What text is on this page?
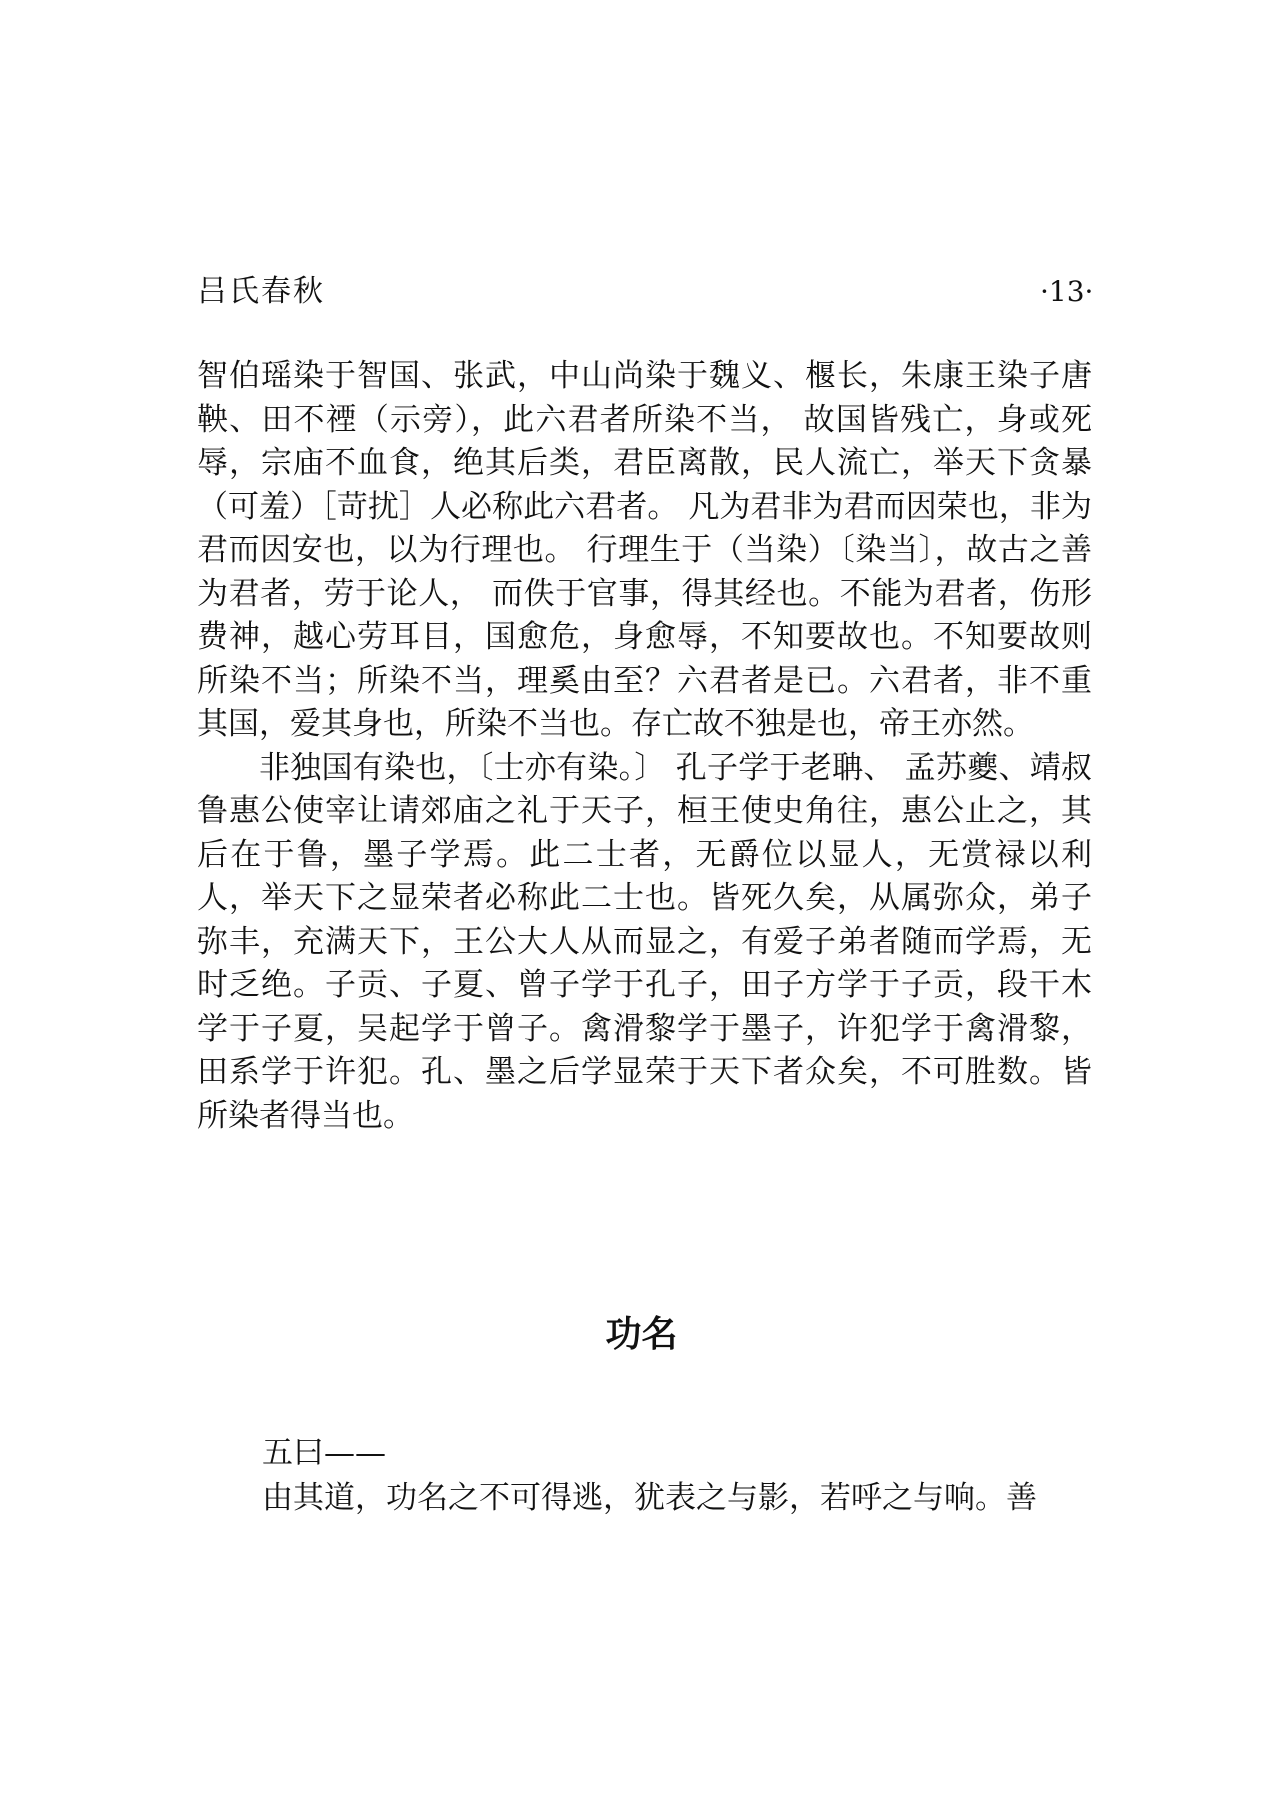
吕氏春秋	·13·

智伯瑶染于智国、张武，中山尚染于魏义、椻长，朱康王染子唐鞅、田不禋（示旁），此六君者所染不当， 故国皆残亡，身或死辱，宗庙不血食，绝其后类，君臣离散，民人流亡，举天下贪暴（可羞）［苛扰］人必称此六君者。 凡为君非为君而因荣也，非为君而因安也，以为行理也。 行理生于（当染）〔染当〕，故古之善为君者，劳于论人， 而佚于官事，得其经也。不能为君者，伤形费神，越心劳耳目，国愈危，身愈辱，不知要故也。不知要故则所染不当；所染不当，理奚由至？六君者是已。六君者，非不重其国，爱其身也，所染不当也。存亡故不独是也，帝王亦然。

非独国有染也，〔士亦有染。〕 孔子学于老聃、 孟苏夔、靖叔鲁惠公使宰让请郊庙之礼于天子，桓王使史角往，惠公止之，其后在于鲁，墨子学焉。此二士者，无爵位以显人，无赏禄以利人，举天下之显荣者必称此二士也。皆死久矣，从属弥众，弟子弥丰，充满天下，王公大人从而显之，有爱子弟者随而学焉，无时乏绝。子贡、子夏、曾子学于孔子，田子方学于子贡，段干木学于子夏，吴起学于曾子。禽滑黎学于墨子，许犯学于禽滑黎，田系学于许犯。孔、墨之后学显荣于天下者众矣，不可胜数。皆所染者得当也。

功名
五曰——
由其道，功名之不可得逃，犹表之与影，若呼之与响。善
